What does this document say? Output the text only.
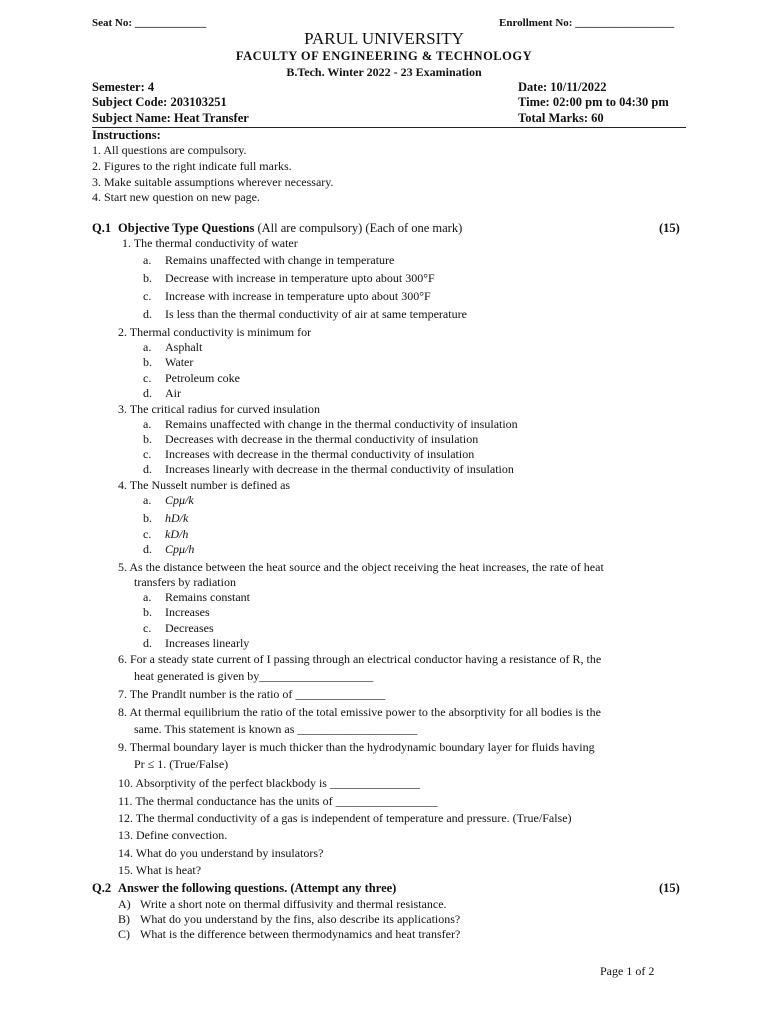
Seat No: _____________	Enrollment No: __________________
PARUL UNIVERSITY
FACULTY OF ENGINEERING & TECHNOLOGY
B.Tech. Winter 2022 - 23 Examination
Semester: 4
Subject Code: 203103251
Subject Name: Heat Transfer
Date: 10/11/2022
Time: 02:00 pm to 04:30 pm
Total Marks: 60
Instructions:
1. All questions are compulsory.
2. Figures to the right indicate full marks.
3. Make suitable assumptions wherever necessary.
4. Start new question on new page.
Q.1 Objective Type Questions (All are compulsory) (Each of one mark)	(15)
1. The thermal conductivity of water
a. Remains unaffected with change in temperature
b. Decrease with increase in temperature upto about 300°F
c. Increase with increase in temperature upto about 300°F
d. Is less than the thermal conductivity of air at same temperature
2. Thermal conductivity is minimum for
a. Asphalt
b. Water
c. Petroleum coke
d. Air
3. The critical radius for curved insulation
a. Remains unaffected with change in the thermal conductivity of insulation
b. Decreases with decrease in the thermal conductivity of insulation
c. Increases with decrease in the thermal conductivity of insulation
d. Increases linearly with decrease in the thermal conductivity of insulation
4. The Nusselt number is defined as
a. Cpμ/k
b. hD/k
c. kD/h
d. Cpμ/h
5. As the distance between the heat source and the object receiving the heat increases, the rate of heat
transfers by radiation
a. Remains constant
b. Increases
c. Decreases
d. Increases linearly
6. For a steady state current of I passing through an electrical conductor having a resistance of R, the
heat generated is given by___________________
7. The Prandlt number is the ratio of _______________
8. At thermal equilibrium the ratio of the total emissive power to the absorptivity for all bodies is the
same. This statement is known as ____________________
9. Thermal boundary layer is much thicker than the hydrodynamic boundary layer for fluids having
Pr ≤ 1. (True/False)
10. Absorptivity of the perfect blackbody is _______________
11. The thermal conductance has the units of _________________
12. The thermal conductivity of a gas is independent of temperature and pressure. (True/False)
13. Define convection.
14. What do you understand by insulators?
15. What is heat?
Q.2 Answer the following questions. (Attempt any three)	(15)
A) Write a short note on thermal diffusivity and thermal resistance.
B) What do you understand by the fins, also describe its applications?
C) What is the difference between thermodynamics and heat transfer?
Page 1 of 2
